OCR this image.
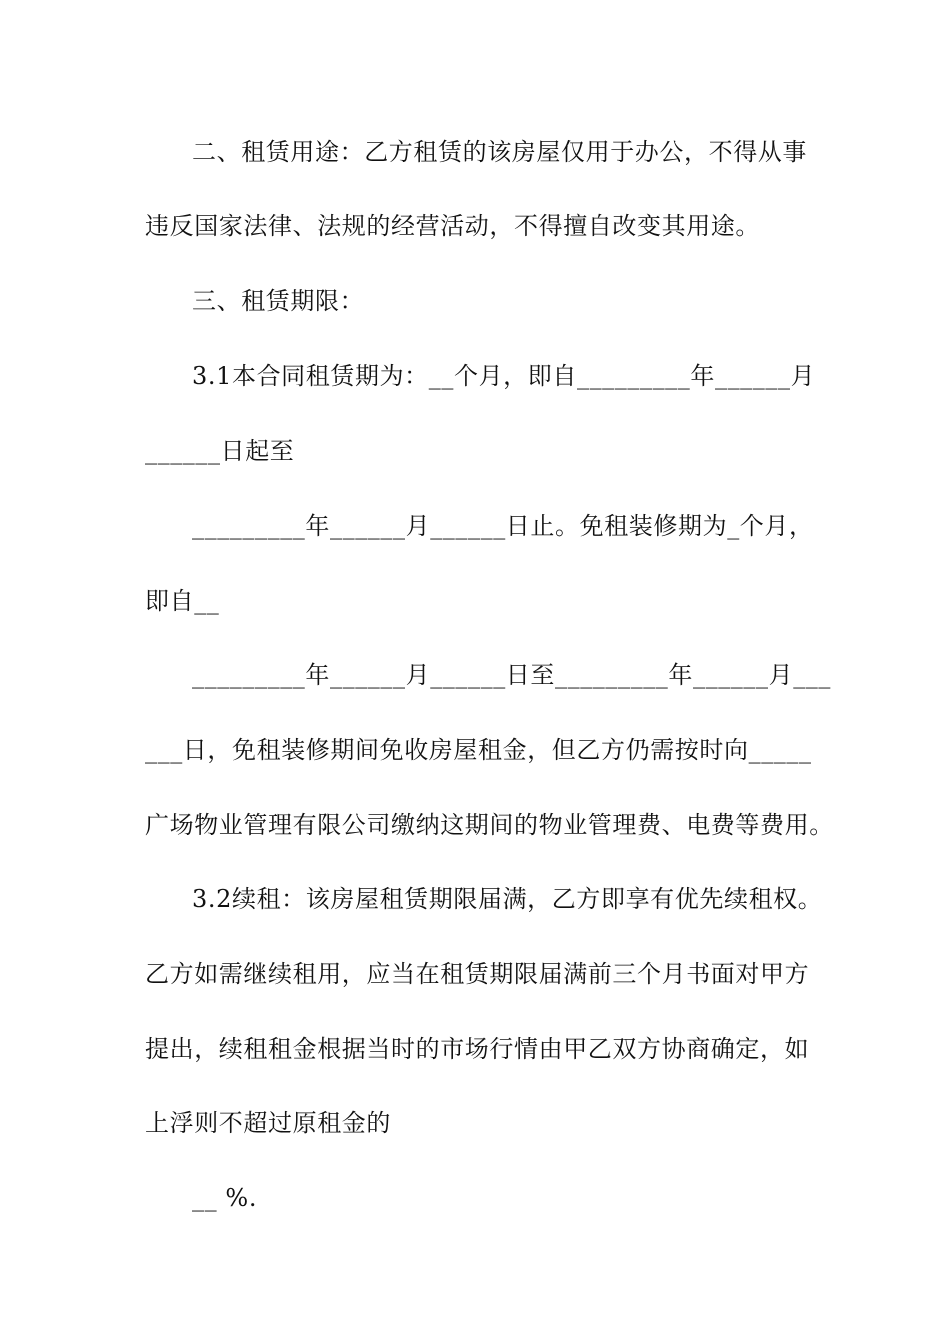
二、租赁用途：乙方租赁的该房屋仅用于办公，不得从事
违反国家法律、法规的经营活动，不得擅自改变其用途。
三、租赁期限：
3.1本合同租赁期为：__个月，即自_________年______月
______日起至
_________年______月______日止。免租装修期为_个月，
即自__
_________年______月______日至_________年______月___
___日，免租装修期间免收房屋租金，但乙方仍需按时向_____
广场物业管理有限公司缴纳这期间的物业管理费、电费等费用。
3.2续租：该房屋租赁期限届满，乙方即享有优先续租权。
乙方如需继续租用，应当在租赁期限届满前三个月书面对甲方
提出，续租租金根据当时的市场行情由甲乙双方协商确定，如
上浮则不超过原租金的
__ %.
